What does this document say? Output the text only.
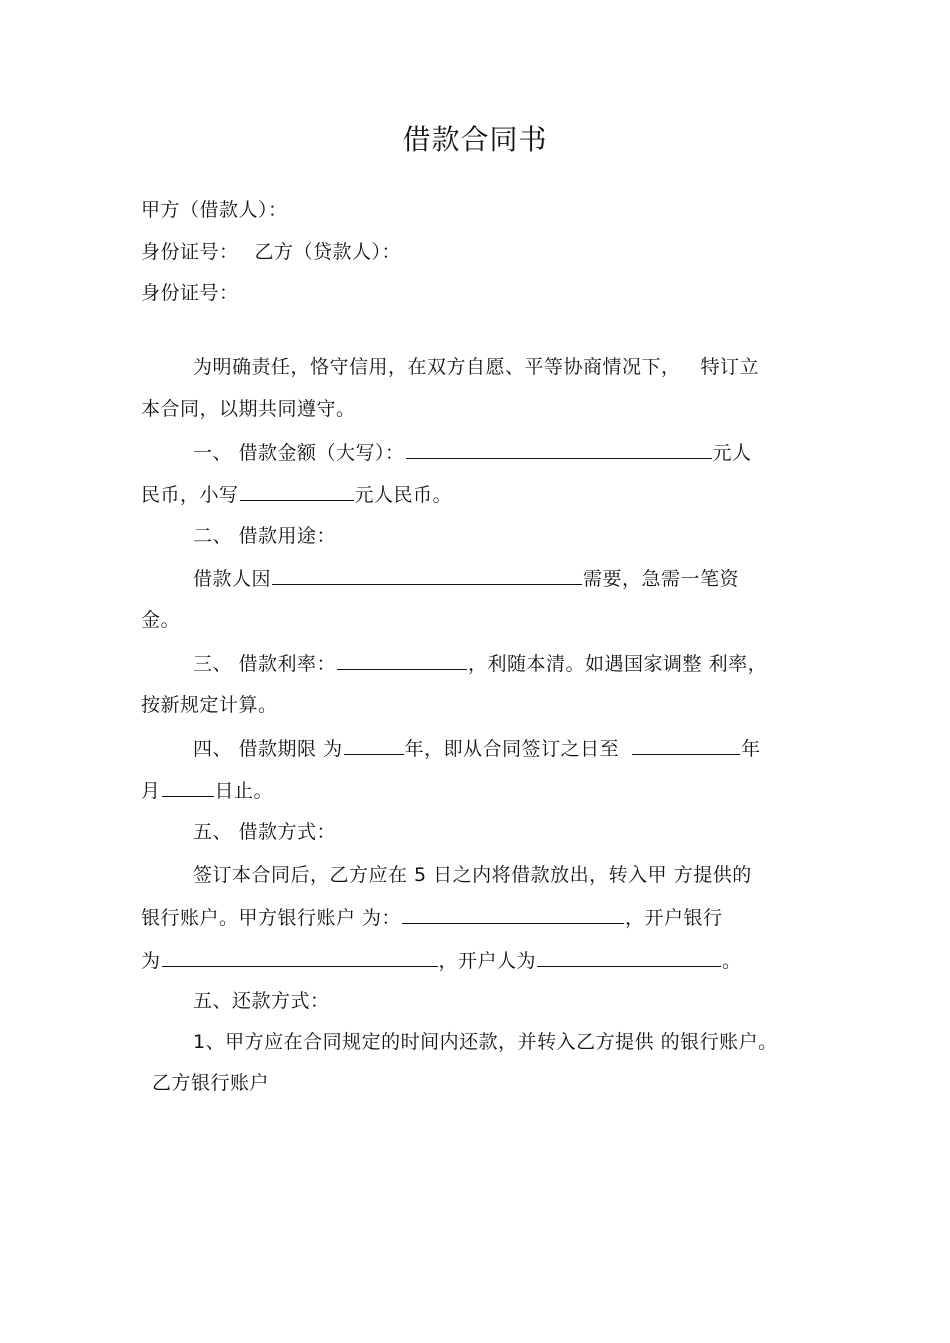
借款合同书
甲方（借款人）：
身份证号： 乙方（贷款人）：
身份证号：
为明确责任，恪守信用，在双方自愿、平等协商情况下， 特订立
本合同，以期共同遵守。
一、 借款金额（大写）：	元人
民币，小写	元人民币。
二、 借款用途：
借款人因	需要，急需一笔资
金。
三、 借款利率：	，利随本清。如遇国家调整 利率，
按新规定计算。
四、 借款期限 为	年，即从合同签订之日至	年
月	日止。
五、 借款方式：
签订本合同后，乙方应在 5 日之内将借款放出，转入甲 方提供的
银行账户。甲方银行账户 为：	，开户银行
为	，开户人为	。
五、还款方式：
1、甲方应在合同规定的时间内还款，并转入乙方提供 的银行账户。
乙方银行账户
